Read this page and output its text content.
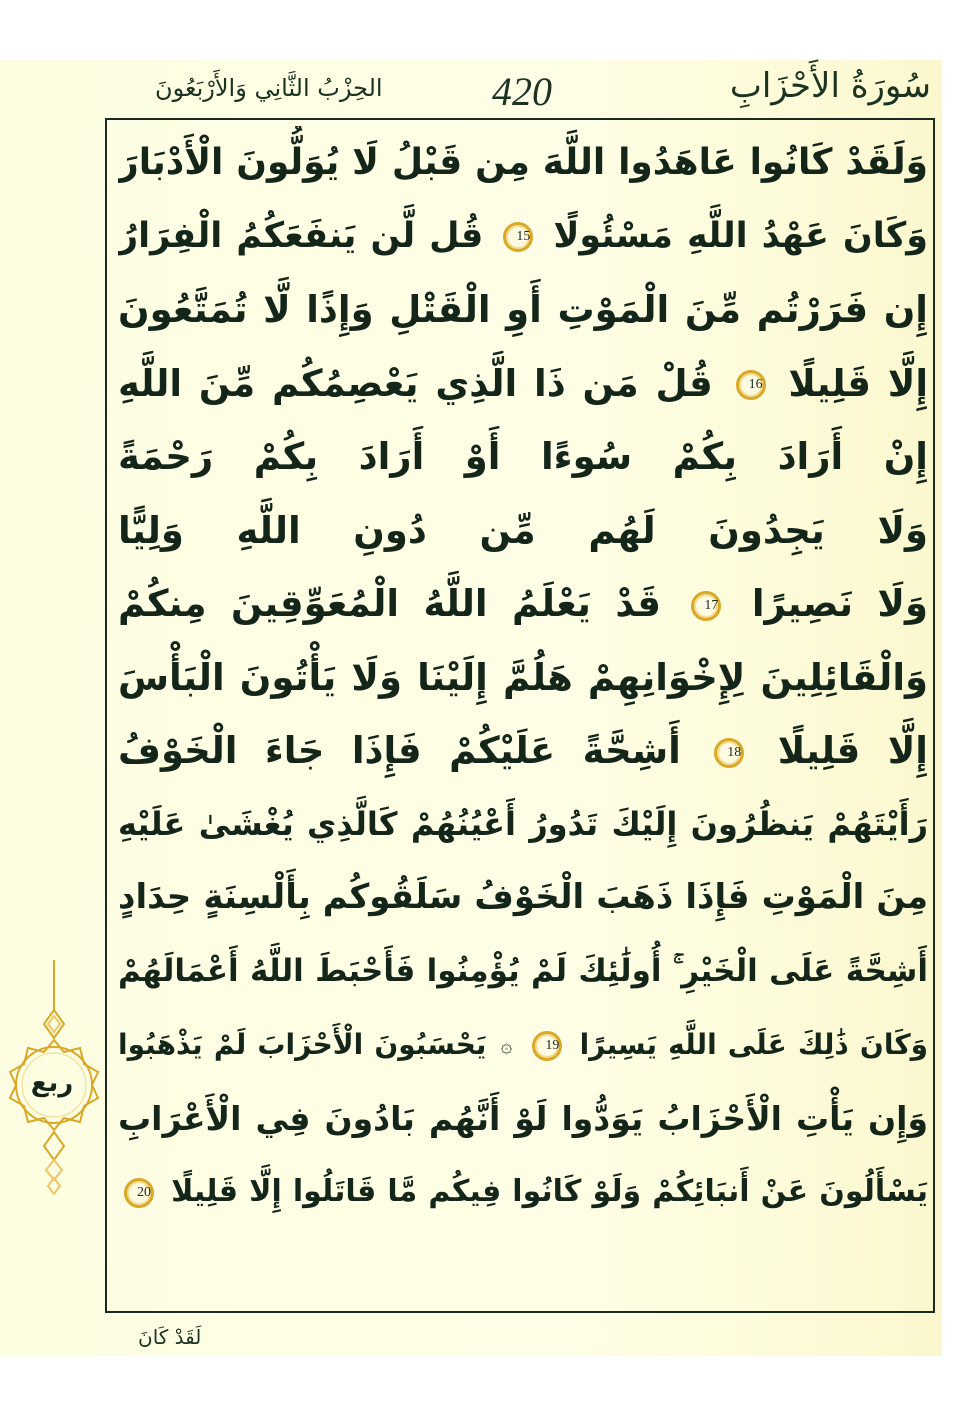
سُورَةُ الأَحْزَابِ
420
الحِزْبُ الثَّانِي وَالأَرْبَعُونَ
وَلَقَدْ كَانُوا عَاهَدُوا اللَّهَ مِن قَبْلُ لَا يُوَلُّونَ الْأَدْبَارَ
وَكَانَ عَهْدُ اللَّهِ مَسْئُولًا 15 قُل لَّن يَنفَعَكُمُ الْفِرَارُ
إِن فَرَرْتُم مِّنَ الْمَوْتِ أَوِ الْقَتْلِ وَإِذًا لَّا تُمَتَّعُونَ
إِلَّا قَلِيلًا 16 قُلْ مَن ذَا الَّذِي يَعْصِمُكُم مِّنَ اللَّهِ
إِنْ أَرَادَ بِكُمْ سُوءًا أَوْ أَرَادَ بِكُمْ رَحْمَةً
وَلَا يَجِدُونَ لَهُم مِّن دُونِ اللَّهِ وَلِيًّا
وَلَا نَصِيرًا 17 قَدْ يَعْلَمُ اللَّهُ الْمُعَوِّقِينَ مِنكُمْ
وَالْقَائِلِينَ لِإِخْوَانِهِمْ هَلُمَّ إِلَيْنَا وَلَا يَأْتُونَ الْبَأْسَ
إِلَّا قَلِيلًا 18 أَشِحَّةً عَلَيْكُمْ فَإِذَا جَاءَ الْخَوْفُ
رَأَيْتَهُمْ يَنظُرُونَ إِلَيْكَ تَدُورُ أَعْيُنُهُمْ كَالَّذِي يُغْشَىٰ عَلَيْهِ
مِنَ الْمَوْتِ فَإِذَا ذَهَبَ الْخَوْفُ سَلَقُوكُم بِأَلْسِنَةٍ حِدَادٍ
أَشِحَّةً عَلَى الْخَيْرِ ۚ أُولَٰئِكَ لَمْ يُؤْمِنُوا فَأَحْبَطَ اللَّهُ أَعْمَالَهُمْ
وَكَانَ ذَٰلِكَ عَلَى اللَّهِ يَسِيرًا 19 ۞ يَحْسَبُونَ الْأَحْزَابَ لَمْ يَذْهَبُوا
وَإِن يَأْتِ الْأَحْزَابُ يَوَدُّوا لَوْ أَنَّهُم بَادُونَ فِي الْأَعْرَابِ
يَسْأَلُونَ عَنْ أَنبَائِكُمْ وَلَوْ كَانُوا فِيكُم مَّا قَاتَلُوا إِلَّا قَلِيلًا 20
ربع
لَقَدْ كَانَ
